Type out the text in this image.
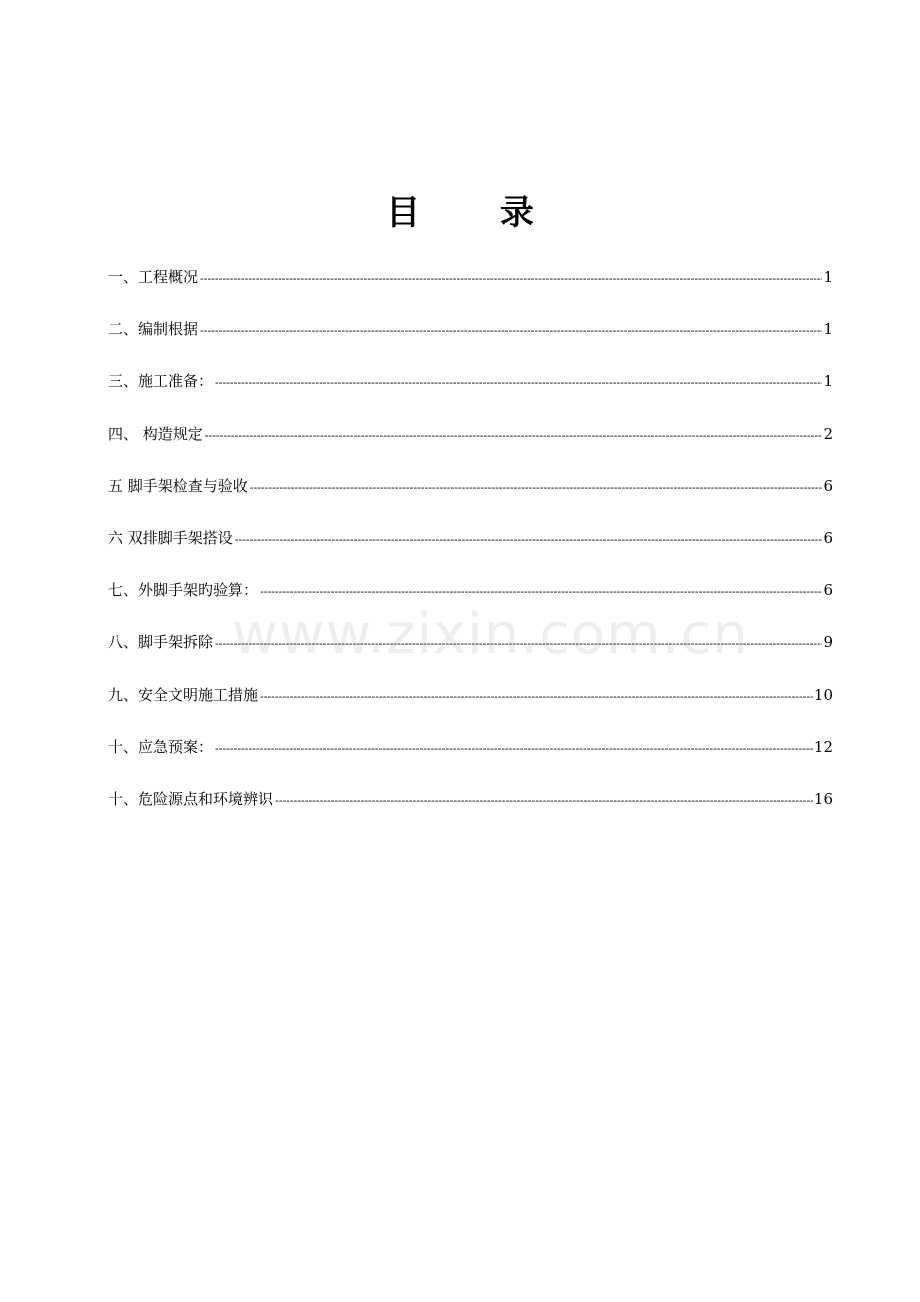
目 录
一、工程概况 -----	1
二、编制根据 -----	1
三、施工准备： -----	1
四、 构造规定 -----	2
五 脚手架检查与验收 -----	6
六 双排脚手架搭设 -----	6
七、外脚手架旳验算： -----	6
八、脚手架拆除 -----	9
九、安全文明施工措施 -----	10
十、应急预案： -----	12
十、危险源点和环境辨识 -----	16
www.zixin.com.cn
